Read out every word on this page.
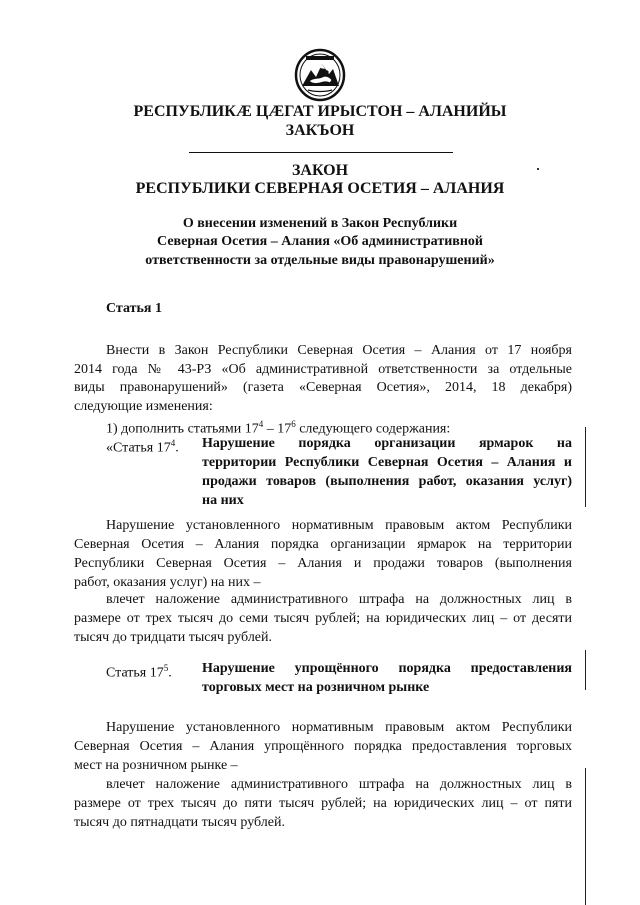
РЕСПУБЛИКӔ ЦӔГАТ ИРЫСТОН – АЛАНИЙЫ
ЗАКЪОН
ЗАКОН
РЕСПУБЛИКИ СЕВЕРНАЯ ОСЕТИЯ – АЛАНИЯ
О внесении изменений в Закон Республики
Северная Осетия – Алания «Об административной
ответственности за отдельные виды правонарушений»
Статья 1
Внести в Закон Республики Северная Осетия – Алания от 17 ноября
2014 года № 43-РЗ «Об административной ответственности за отдельные
виды правонарушений» (газета «Северная Осетия», 2014, 18 декабря)
следующие изменения:
1) дополнить статьями $17^4 - 17^6$ следующего содержания:
«Статья $17^4$. Нарушение порядка организации ярмарок на
территории Республики Северная Осетия – Алания и
продажи товаров (выполнения работ, оказания услуг)
на них
Нарушение установленного нормативным правовым актом Республики
Северная Осетия – Алания порядка организации ярмарок на территории
Республики Северная Осетия – Алания и продажи товаров (выполнения
работ, оказания услуг) на них –
влечет наложение административного штрафа на должностных лиц в
размере от трех тысяч до семи тысяч рублей; на юридических лиц – от десяти
тысяч до тридцати тысяч рублей.
Статья $17^5$. Нарушение упрощённого порядка предоставления
торговых мест на розничном рынке
Нарушение установленного нормативным правовым актом Республики
Северная Осетия – Алания упрощённого порядка предоставления торговых
мест на розничном рынке –
влечет наложение административного штрафа на должностных лиц в
размере от трех тысяч до пяти тысяч рублей; на юридических лиц – от пяти
тысяч до пятнадцати тысяч рублей.
